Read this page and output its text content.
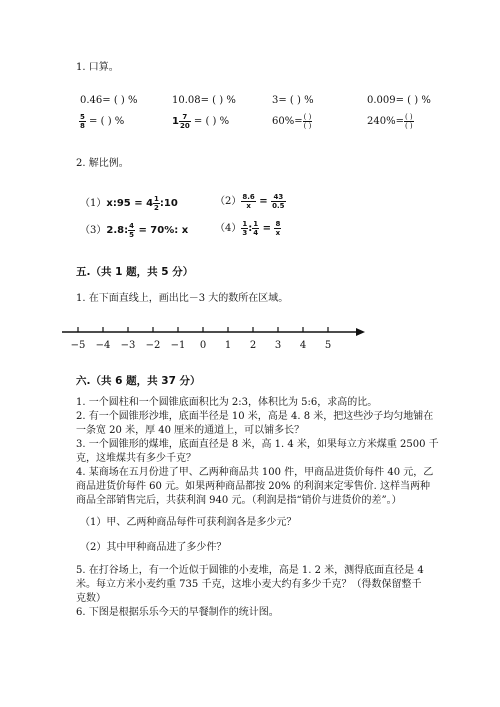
1. 口算。
0.46= ( ) %	10.08= ( ) %	3= ( ) %	0.009= ( ) %
$\frac{5}{8}$ = ( ) %	$1 \frac{7}{20}$ = ( ) %	$60\%= \frac{( )}{( )}$	$240\%= \frac{( )}{( )}$
2. 解比例。
（1）x:95 = $4 \frac{1}{2}$ :10	$(2) \frac{8.6}{x} = \frac{43}{0.5}$
（3）2.8: $\frac{4}{5} = 70\%$: x	$(4) \frac{1}{3}$ : $\frac{1}{4} = \frac{8}{x}$
五.（共 1 题，共 5 分）
1. 在下面直线上，画出比－3 大的数所在区域。
−5 −4 −3 −2 −1 0 1 2 3 4 5
六.（共 6 题，共 37 分）
1. 一个圆柱和一个圆锥底面积比为 2:3，体积比为 5:6，求高的比。
2. 有一个圆锥形沙堆，底面半径是 10 米，高是 4. 8 米，把这些沙子均匀地铺在
一条宽 20 米，厚 40 厘米的通道上，可以铺多长？
3. 一个圆锥形的煤堆，底面直径是 8 米，高 1. 4 米，如果每立方米煤重 2500 千
克，这堆煤共有多少千克？
4. 某商场在五月份进了甲、乙两种商品共 100 件，甲商品进货价每件 40 元，乙
商品进货价每件 60 元。如果两种商品都按 20% 的利润来定零售价. 这样当两种
商品全部销售完后，共获利润 940 元。（利润是指“销价与进货价的差”。）
（1）甲、乙两种商品每件可获利润各是多少元？
（2）其中甲种商品进了多少件？
5. 在打谷场上，有一个近似于圆锥的小麦堆，高是 1. 2 米，测得底面直径是 4
米。每立方米小麦约重 735 千克，这堆小麦大约有多少千克？（得数保留整千
克数）
6. 下图是根据乐乐今天的早餐制作的统计图。
